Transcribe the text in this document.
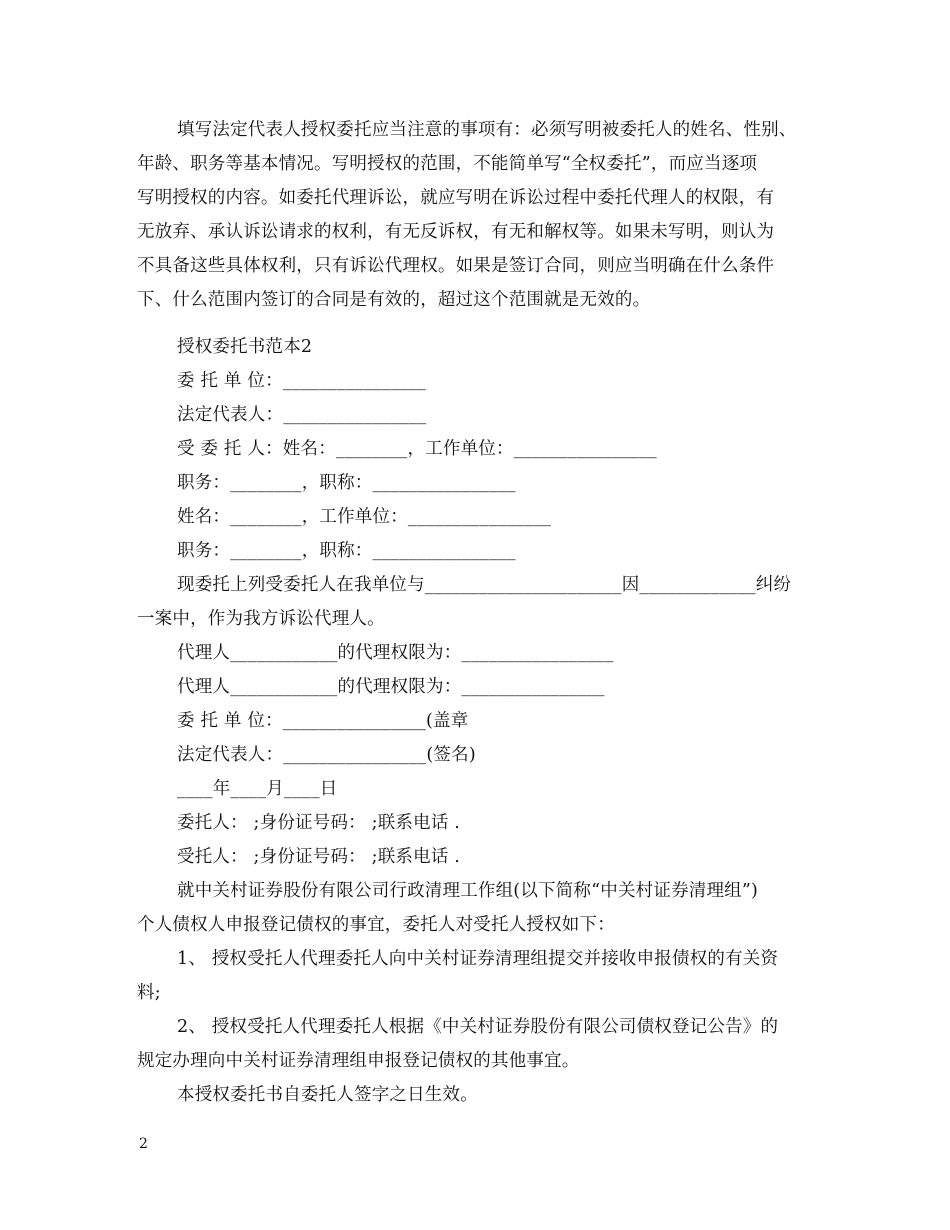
填写法定代表人授权委托应当注意的事项有：必须写明被委托人的姓名、性别、
年龄、职务等基本情况。写明授权的范围，不能简单写“全权委托”，而应当逐项
写明授权的内容。如委托代理诉讼，就应写明在诉讼过程中委托代理人的权限，有
无放弃、承认诉讼请求的权利，有无反诉权，有无和解权等。如果未写明，则认为
不具备这些具体权利，只有诉讼代理权。如果是签订合同，则应当明确在什么条件
下、什么范围内签订的合同是有效的，超过这个范围就是无效的。
授权委托书范本2
委 托 单 位：________________
法定代表人：________________
受 委 托 人：姓名：________，工作单位：________________
职务：________，职称：________________
姓名：________，工作单位：________________
职务：________，职称：________________
现委托上列受委托人在我单位与______________________因_____________纠纷
一案中，作为我方诉讼代理人。
代理人____________的代理权限为：_________________
代理人____________的代理权限为：________________
委 托 单 位：________________(盖章
法定代表人：________________(签名)
____年____月____日
委托人： ;身份证号码： ;联系电话 .
受托人： ;身份证号码： ;联系电话 .
就中关村证券股份有限公司行政清理工作组(以下简称“中关村证券清理组”)
个人债权人申报登记债权的事宜，委托人对受托人授权如下：
1、 授权受托人代理委托人向中关村证券清理组提交并接收申报债权的有关资
料;
2、 授权受托人代理委托人根据《中关村证券股份有限公司债权登记公告》的
规定办理向中关村证券清理组申报登记债权的其他事宜。
本授权委托书自委托人签字之日生效。
2
